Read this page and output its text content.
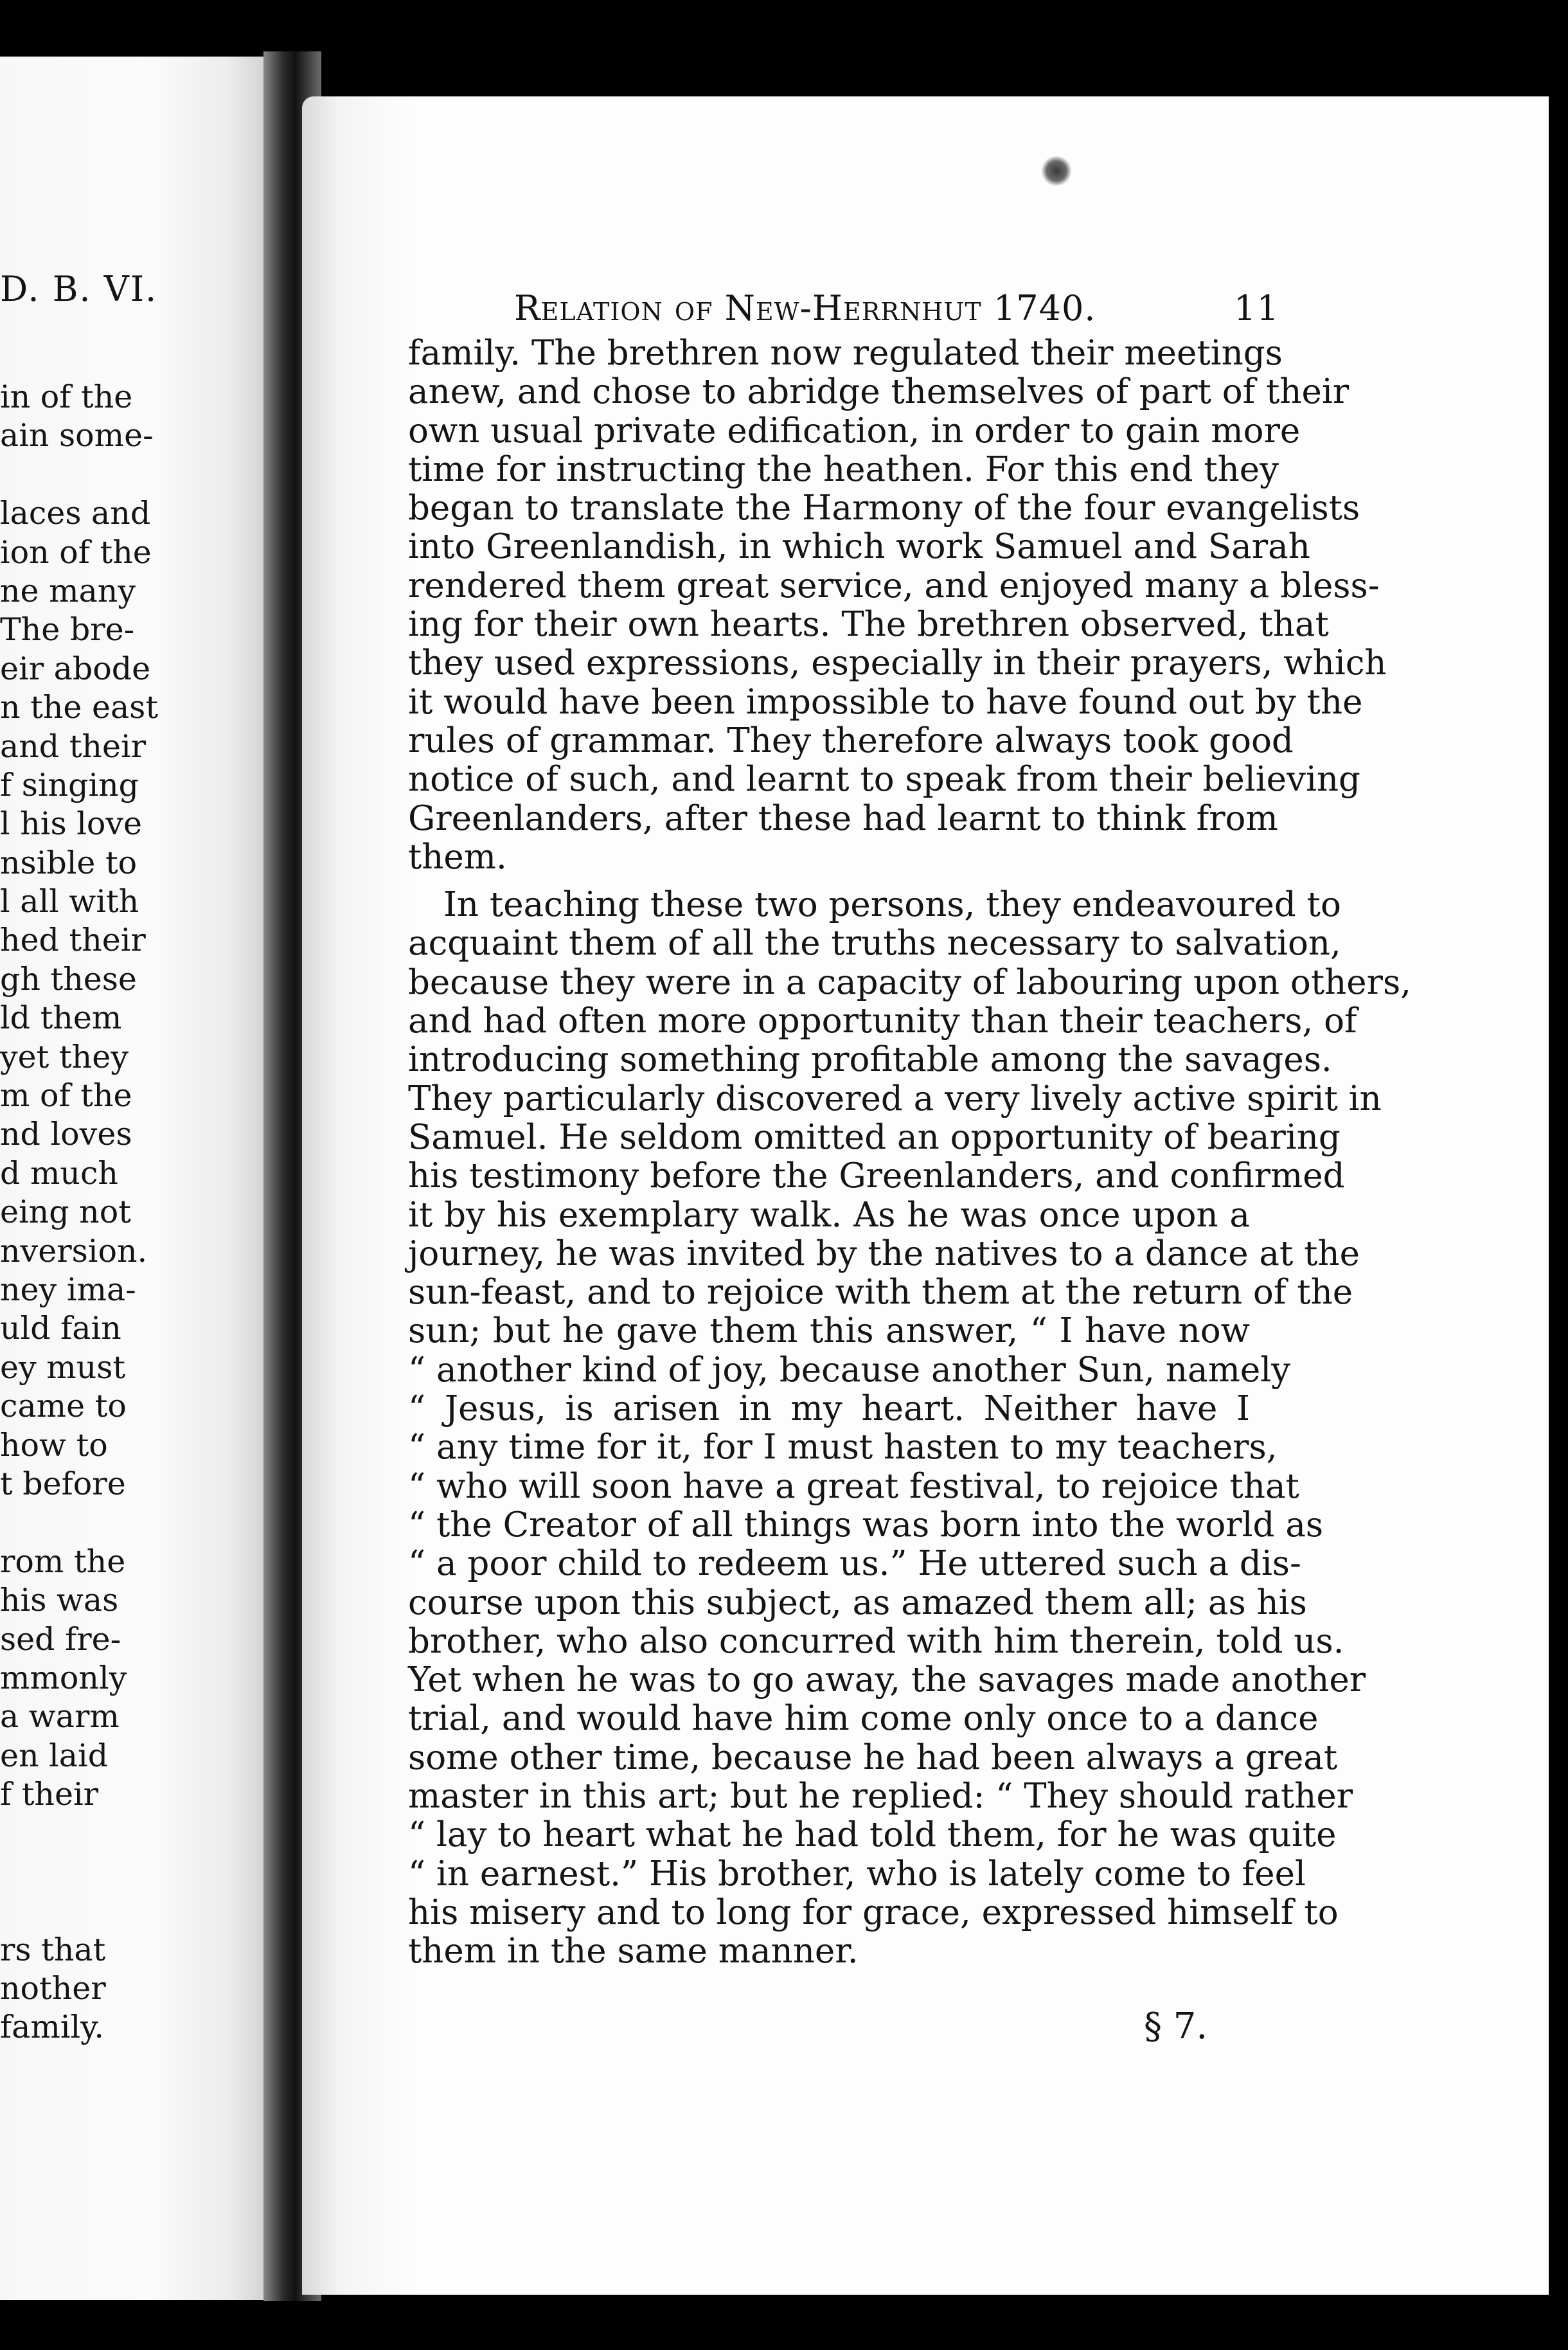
D. B. VI.
in of the
ain some-
laces and
ion of the
ne many
The bre-
eir abode
n the east
and their
f singing
l his love
nsible to
l all with
hed their
gh these
ld them
yet they
m of the
nd loves
d much
eing not
nversion.
ney ima-
uld fain
ey must
came to
how to
t before
rom the
his was
sed fre-
mmonly
a warm
en laid
f their
rs that
nother
family.
Relation of New-Herrnhut 1740.	11
family. The brethren now regulated their meetings
anew, and chose to abridge themselves of part of their
own usual private edification, in order to gain more
time for instructing the heathen. For this end they
began to translate the Harmony of the four evangelists
into Greenlandish, in which work Samuel and Sarah
rendered them great service, and enjoyed many a bless-
ing for their own hearts. The brethren observed, that
they used expressions, especially in their prayers, which
it would have been impossible to have found out by the
rules of grammar. They therefore always took good
notice of such, and learnt to speak from their believing
Greenlanders, after these had learnt to think from
them.
In teaching these two persons, they endeavoured to
acquaint them of all the truths necessary to salvation,
because they were in a capacity of labouring upon others,
and had often more opportunity than their teachers, of
introducing something profitable among the savages.
They particularly discovered a very lively active spirit in
Samuel. He seldom omitted an opportunity of bearing
his testimony before the Greenlanders, and confirmed
it by his exemplary walk. As he was once upon a
journey, he was invited by the natives to a dance at the
sun-feast, and to rejoice with them at the return of the
sun; but he gave them this answer, “ I have now
“ another kind of joy, because another Sun, namely
“ Jesus, is arisen in my heart. Neither have I
“ any time for it, for I must hasten to my teachers,
“ who will soon have a great festival, to rejoice that
“ the Creator of all things was born into the world as
“ a poor child to redeem us.” He uttered such a dis-
course upon this subject, as amazed them all; as his
brother, who also concurred with him therein, told us.
Yet when he was to go away, the savages made another
trial, and would have him come only once to a dance
some other time, because he had been always a great
master in this art; but he replied: “ They should rather
“ lay to heart what he had told them, for he was quite
“ in earnest.” His brother, who is lately come to feel
his misery and to long for grace, expressed himself to
them in the same manner.
§ 7.
